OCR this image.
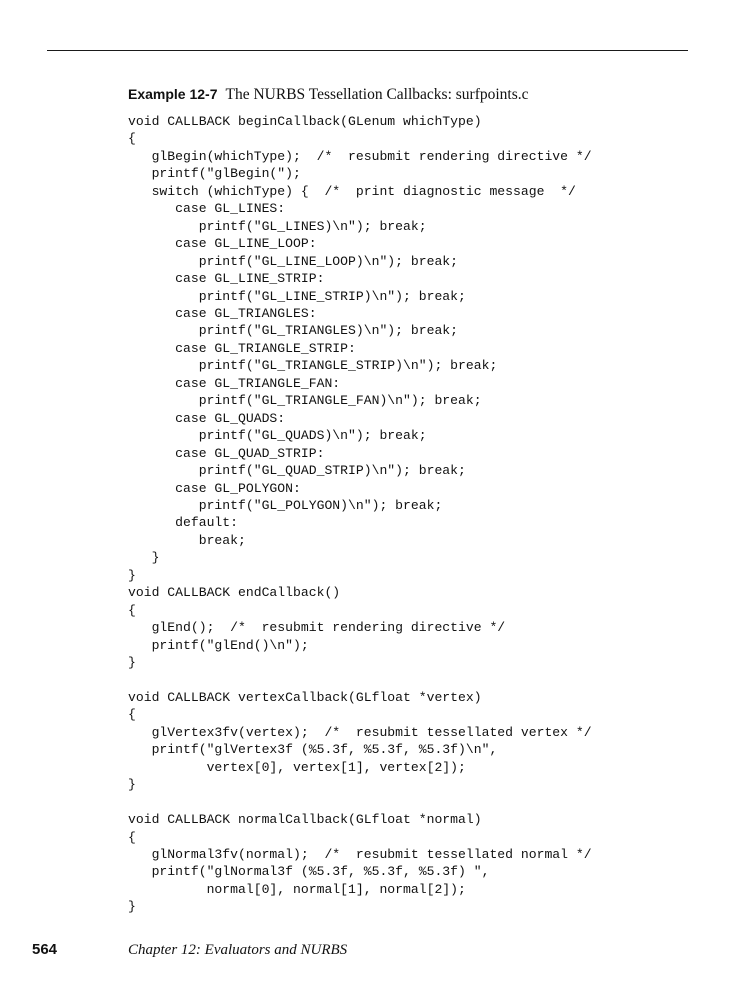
Example 12-7 The NURBS Tessellation Callbacks: surfpoints.c
void CALLBACK beginCallback(GLenum whichType)
{
glBegin(whichType);  /*  resubmit rendering directive */
printf("glBegin(");
switch (whichType) {  /*  print diagnostic message  */
case GL_LINES:
printf("GL_LINES)\n"); break;
case GL_LINE_LOOP:
printf("GL_LINE_LOOP)\n"); break;
case GL_LINE_STRIP:
printf("GL_LINE_STRIP)\n"); break;
case GL_TRIANGLES:
printf("GL_TRIANGLES)\n"); break;
case GL_TRIANGLE_STRIP:
printf("GL_TRIANGLE_STRIP)\n"); break;
case GL_TRIANGLE_FAN:
printf("GL_TRIANGLE_FAN)\n"); break;
case GL_QUADS:
printf("GL_QUADS)\n"); break;
case GL_QUAD_STRIP:
printf("GL_QUAD_STRIP)\n"); break;
case GL_POLYGON:
printf("GL_POLYGON)\n"); break;
default:
break;
}
}
void CALLBACK endCallback()
{
glEnd();  /*  resubmit rendering directive */
printf("glEnd()\n");
}
void CALLBACK vertexCallback(GLfloat *vertex)
{
glVertex3fv(vertex);  /*  resubmit tessellated vertex */
printf("glVertex3f (%5.3f, %5.3f, %5.3f)\n",
vertex[0], vertex[1], vertex[2]);
}
void CALLBACK normalCallback(GLfloat *normal)
{
glNormal3fv(normal);  /*  resubmit tessellated normal */
printf("glNormal3f (%5.3f, %5.3f, %5.3f) ",
normal[0], normal[1], normal[2]);
}
564	Chapter 12: Evaluators and NURBS
